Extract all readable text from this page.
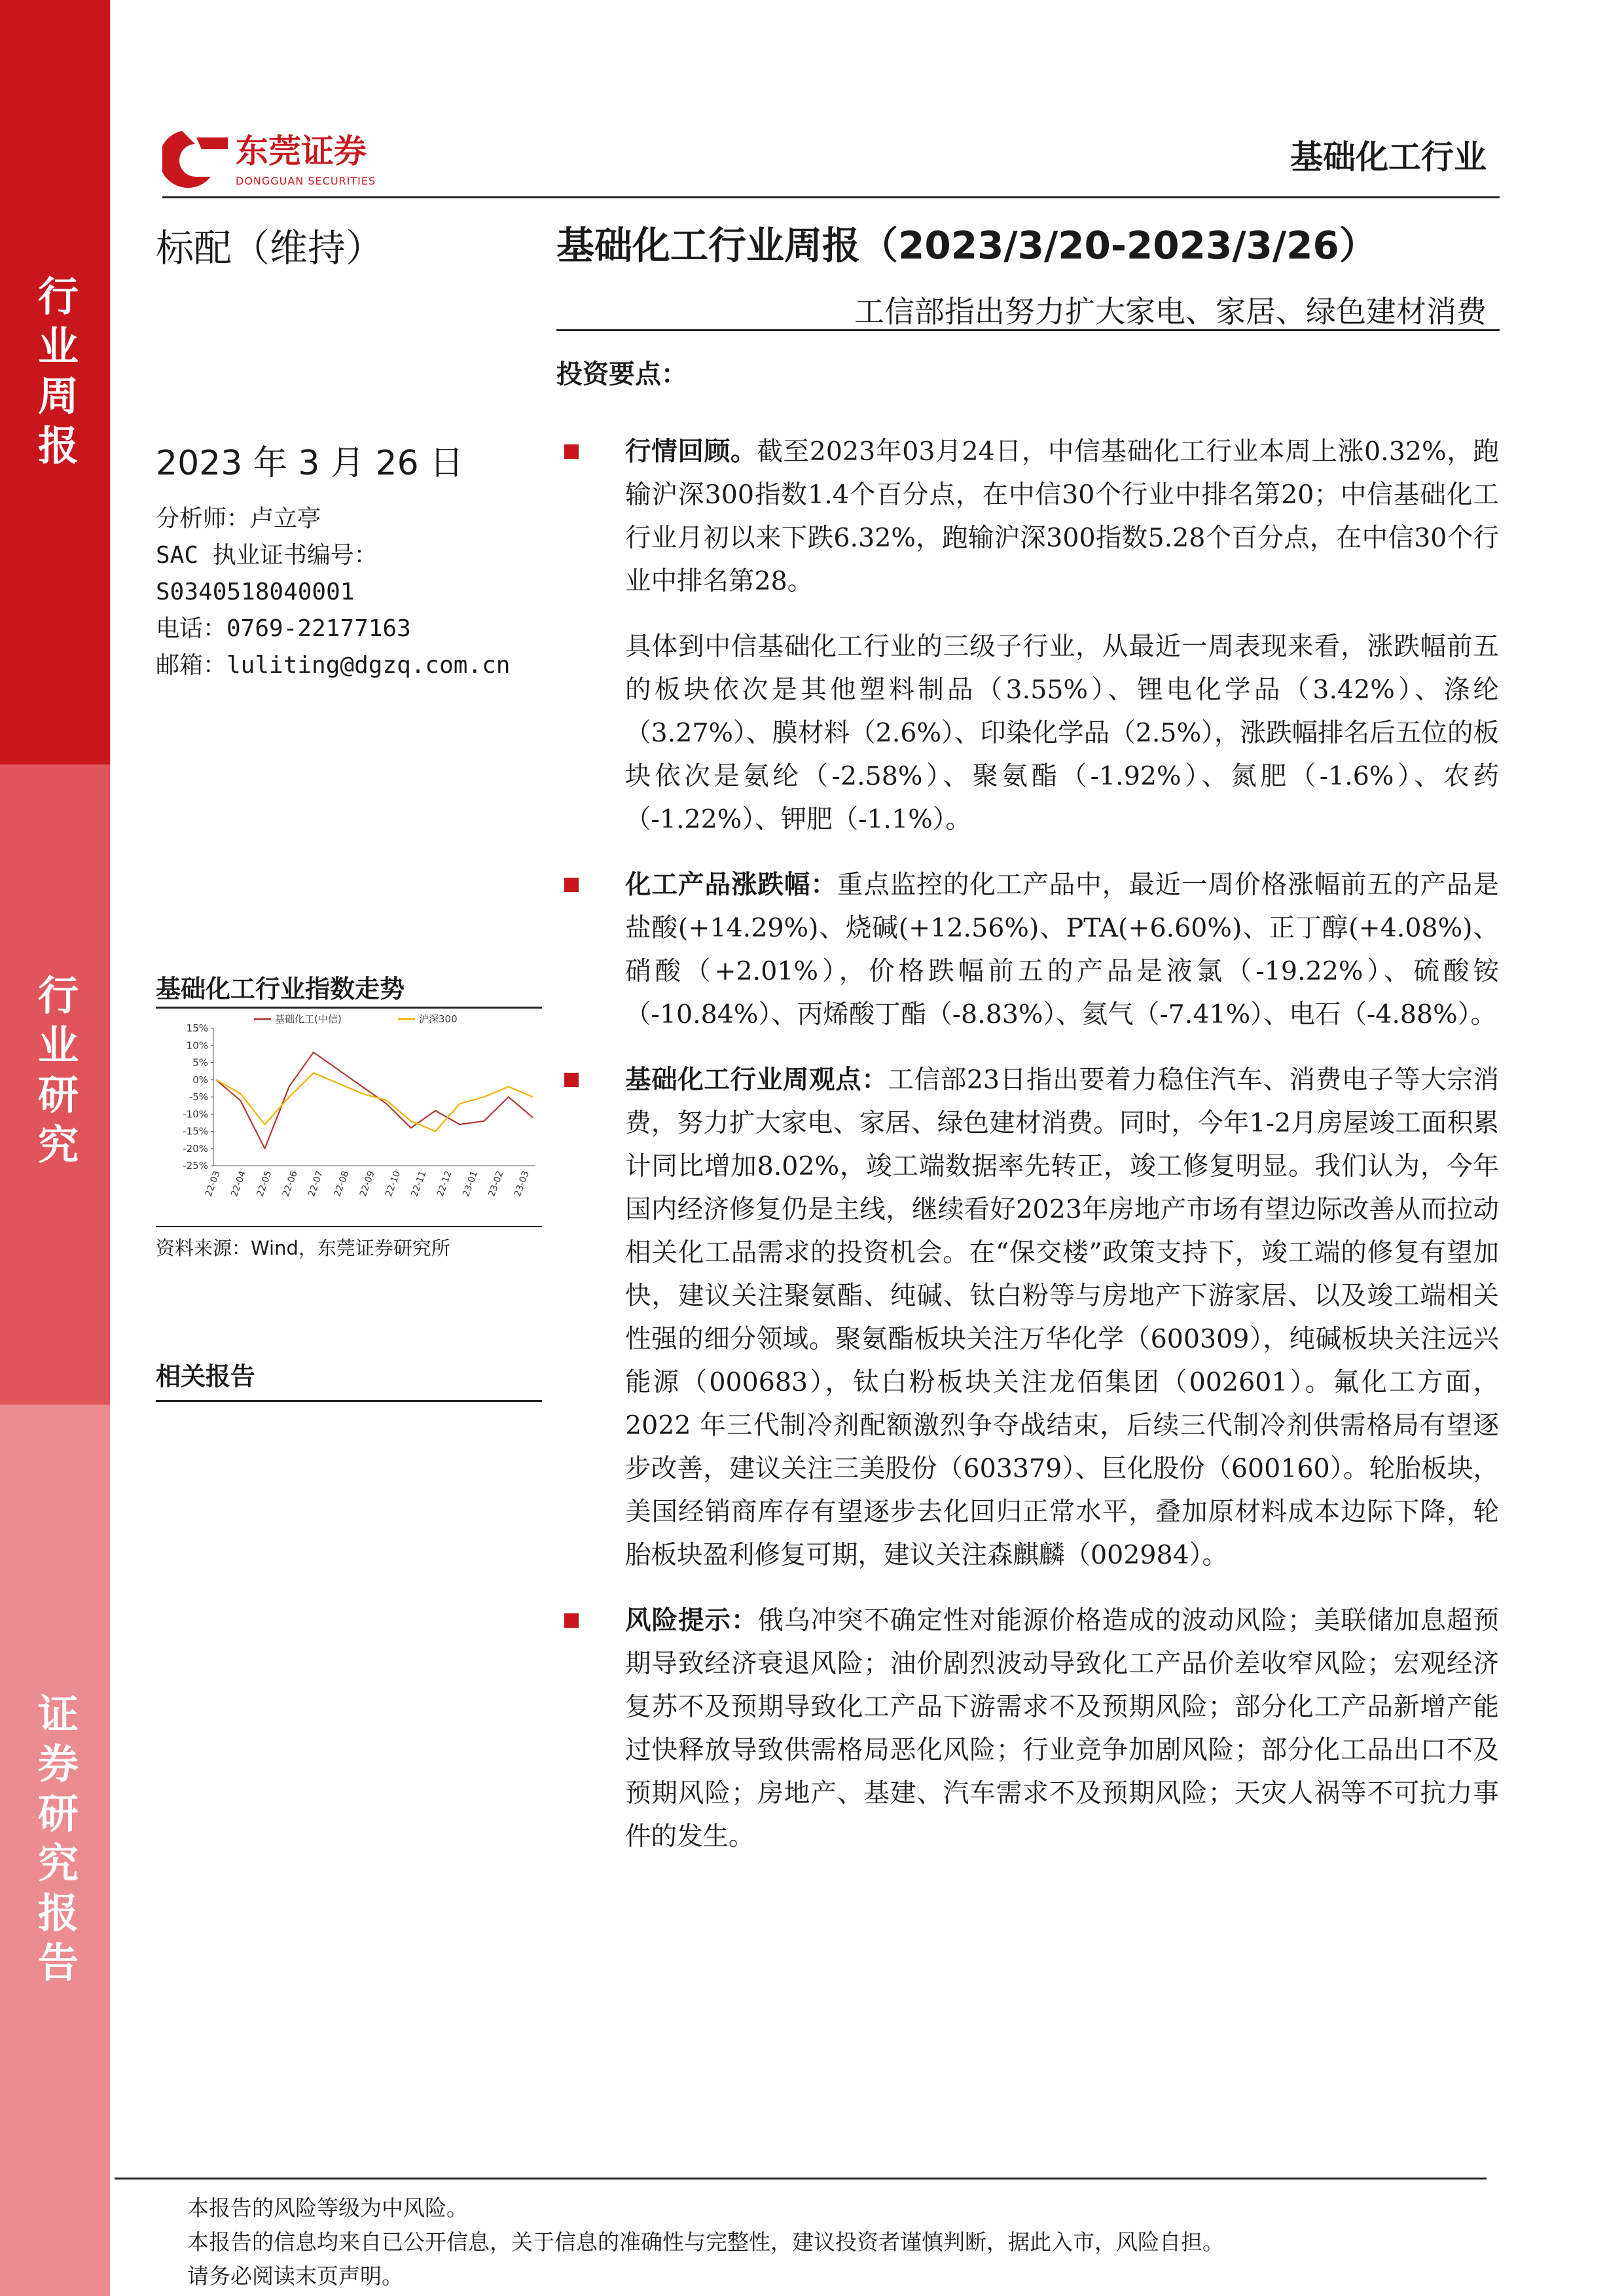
行业周报
行业研究
证券研究报告
东莞证券
DONGGUAN SECURITIES
基础化工行业
标配（维持）	基础化工行业周报（2023/3/20-2023/3/26）
工信部指出努力扩大家电、家居、绿色建材消费
2023 年 3 月 26 日
分析师：卢立亭
SAC 执业证书编号：
S0340518040001
电话：0769-22177163
邮箱：luliting@dgzq.com.cn
基础化工行业指数走势
15%
10%
5%
0%
-5%
-10%
-15%
-20%
-25%
22-03 22-04 22-05 22-06 22-07 22-08 22-09 22-10 22-11 22-12 23-01 23-02 23-03
基础化工(中信)	沪深300
资料来源：Wind，东莞证券研究所
相关报告
投资要点：

行情回顾。截至2023年03月24日，中信基础化工行业本周上涨0.32%，跑输沪深300指数1.4个百分点，在中信30个行业中排名第20；中信基础化工行业月初以来下跌6.32%，跑输沪深300指数5.28个百分点，在中信30个行业中排名第28。

具体到中信基础化工行业的三级子行业，从最近一周表现来看，涨跌幅前五的板块依次是其他塑料制品（3.55%）、锂电化学品（3.42%）、涤纶（3.27%）、膜材料（2.6%）、印染化学品（2.5%），涨跌幅排名后五位的板块依次是氨纶（-2.58%）、聚氨酯（-1.92%）、氮肥（-1.6%）、农药（-1.22%）、钾肥（-1.1%）。

化工产品涨跌幅：重点监控的化工产品中，最近一周价格涨幅前五的产品是盐酸(+14.29%)、烧碱(+12.56%)、PTA(+6.60%)、正丁醇(+4.08%)、硝酸（+2.01%），价格跌幅前五的产品是液氯（-19.22%）、硫酸铵（-10.84%）、丙烯酸丁酯（-8.83%）、氦气（-7.41%）、电石（-4.88%）。

基础化工行业周观点：工信部23日指出要着力稳住汽车、消费电子等大宗消费，努力扩大家电、家居、绿色建材消费。同时，今年1-2月房屋竣工面积累计同比增加8.02%，竣工端数据率先转正，竣工修复明显。我们认为，今年国内经济修复仍是主线，继续看好2023年房地产市场有望边际改善从而拉动相关化工品需求的投资机会。在“保交楼”政策支持下，竣工端的修复有望加快，建议关注聚氨酯、纯碱、钛白粉等与房地产下游家居、以及竣工端相关性强的细分领域。聚氨酯板块关注万华化学（600309），纯碱板块关注远兴能源（000683），钛白粉板块关注龙佰集团（002601）。氟化工方面，2022 年三代制冷剂配额激烈争夺战结束，后续三代制冷剂供需格局有望逐步改善，建议关注三美股份（603379）、巨化股份（600160）。轮胎板块，美国经销商库存有望逐步去化回归正常水平，叠加原材料成本边际下降，轮胎板块盈利修复可期，建议关注森麒麟（002984）。

风险提示：俄乌冲突不确定性对能源价格造成的波动风险；美联储加息超预期导致经济衰退风险；油价剧烈波动导致化工产品价差收窄风险；宏观经济复苏不及预期导致化工产品下游需求不及预期风险；部分化工产品新增产能过快释放导致供需格局恶化风险；行业竞争加剧风险；部分化工品出口不及预期风险；房地产、基建、汽车需求不及预期风险；天灾人祸等不可抗力事件的发生。

本报告的风险等级为中风险。
本报告的信息均来自已公开信息，关于信息的准确性与完整性，建议投资者谨慎判断，据此入市，风险自担。
请务必阅读末页声明。
